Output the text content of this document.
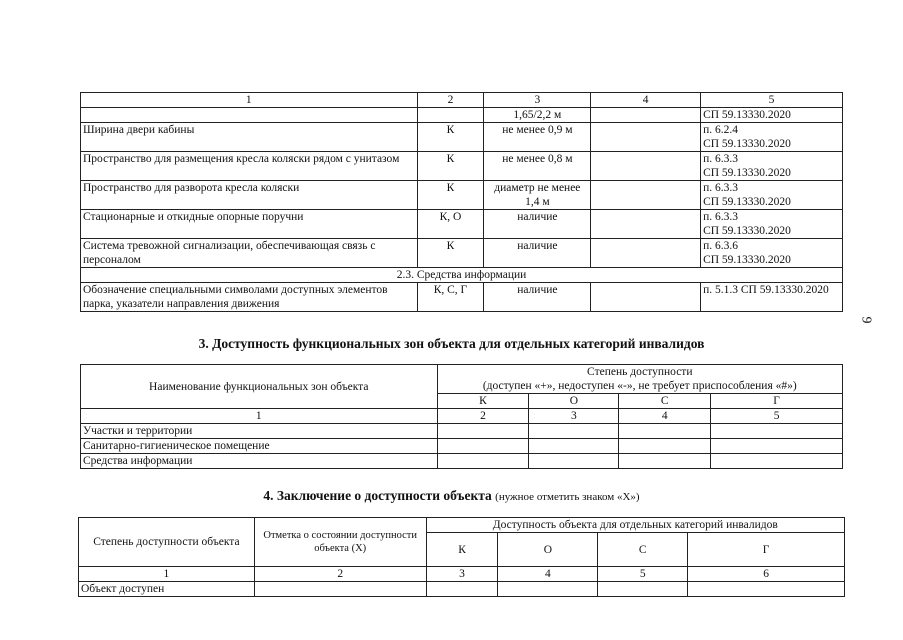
1	2	3	4	5
		1,65/2,2 м		СП 59.13330.2020
Ширина двери кабины	К	не менее 0,9 м		п. 6.2.4
СП 59.13330.2020

Пространство для размещения кресла коляски рядом с унитазом	К	не менее 0,8 м		п. 6.3.3
СП 59.13330.2020

Пространство для разворота кресла коляски	К	диаметр не менее 1,4 м		п. 6.3.3
СП 59.13330.2020

Стационарные и откидные опорные поручни	К, О	наличие		п. 6.3.3
СП 59.13330.2020

Система тревожной сигнализации, обеспечивающая связь с персоналом	К	наличие		п. 6.3.6
СП 59.13330.2020

2.3. Средства информации				
Обозначение специальными символами доступных элементов парка, указатели направления движения	К, С, Г	наличие		п. 5.1.3 СП 59.13330.2020
9
3. Доступность функциональных зон объекта для отдельных категорий инвалидов
Наименование функциональных зон объекта	Степень доступности
(доступен «+», недоступен «-», не требует приспособления «#»)			

	К	О	С	Г
1	2	3	4	5
Участки и территории				
Санитарно-гигиеническое помещение				
Средства информации				
4. Заключение о доступности объекта (нужное отметить знаком «Х»)
Степень доступности объекта	Отметка о состоянии доступности объекта (Х)	Доступность объекта для отдельных категорий инвалидов			
		К	О	С	Г
1	2	3	4	5	6
Объект доступен					
